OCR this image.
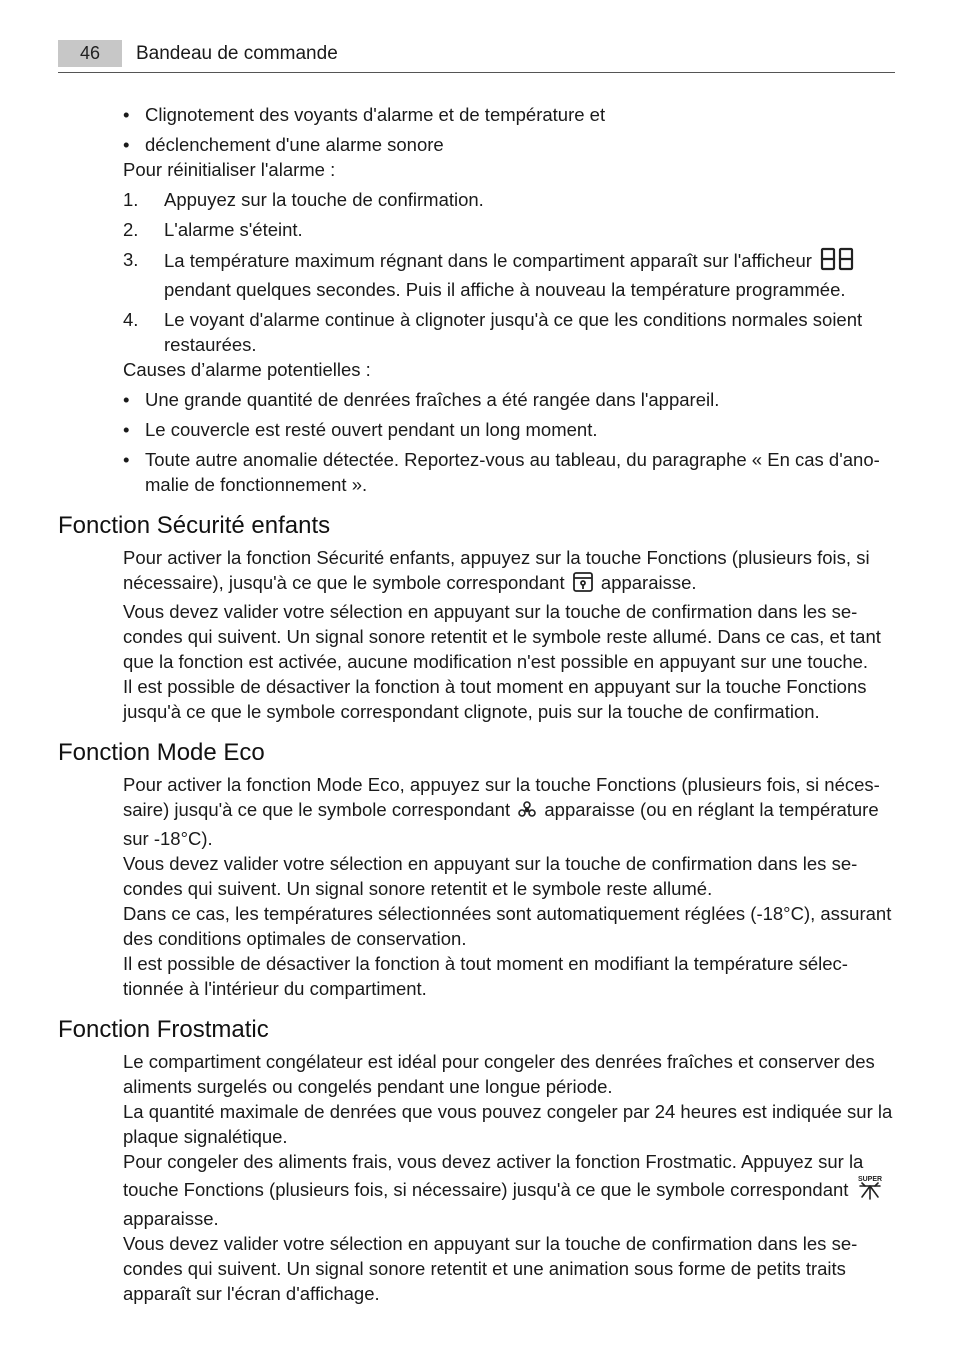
46	Bandeau de commande
• Clignotement des voyants d'alarme et de température et
• déclenchement d'une alarme sonore

Pour réinitialiser l'alarme :

1.	Appuyez sur la touche de confirmation.
2.	L'alarme s'éteint.
3.	La température maximum régnant dans le compartiment apparaît sur l'afficheur  pendant quelques secondes. Puis il affiche à nouveau la température programmée.
4.	Le voyant d'alarme continue à clignoter jusqu'à ce que les conditions normales soient restaurées.

Causes d’alarme potentielles :

• Une grande quantité de denrées fraîches a été rangée dans l'appareil.
• Le couvercle est resté ouvert pendant un long moment.
• Toute autre anomalie détectée. Reportez-vous au tableau, du paragraphe « En cas d'ano-malie de fonctionnement ».
Fonction Sécurité enfants

Pour activer la fonction Sécurité enfants, appuyez sur la touche Fonctions (plusieurs fois, si nécessaire), jusqu'à ce que le symbole correspondant apparaisse.

Vous devez valider votre sélection en appuyant sur la touche de confirmation dans les se-condes qui suivent. Un signal sonore retentit et le symbole reste allumé. Dans ce cas, et tant que la fonction est activée, aucune modification n'est possible en appuyant sur une touche.

Il est possible de désactiver la fonction à tout moment en appuyant sur la touche Fonctions jusqu'à ce que le symbole correspondant clignote, puis sur la touche de confirmation.

Fonction Mode Eco

Pour activer la fonction Mode Eco, appuyez sur la touche Fonctions (plusieurs fois, si néces-saire) jusqu'à ce que le symbole correspondant apparaisse (ou en réglant la température sur -18°C).

Vous devez valider votre sélection en appuyant sur la touche de confirmation dans les se-condes qui suivent. Un signal sonore retentit et le symbole reste allumé.

Dans ce cas, les températures sélectionnées sont automatiquement réglées (-18°C), assurant des conditions optimales de conservation.

Il est possible de désactiver la fonction à tout moment en modifiant la température sélec-tionnée à l'intérieur du compartiment.

Fonction Frostmatic

Le compartiment congélateur est idéal pour congeler des denrées fraîches et conserver des aliments surgelés ou congelés pendant une longue période.

La quantité maximale de denrées que vous pouvez congeler par 24 heures est indiquée sur la plaque signalétique.

Pour congeler des aliments frais, vous devez activer la fonction Frostmatic. Appuyez sur la touche Fonctions (plusieurs fois, si nécessaire) jusqu'à ce que le symbole correspondant SUPER
apparaisse.

Vous devez valider votre sélection en appuyant sur la touche de confirmation dans les se-condes qui suivent. Un signal sonore retentit et une animation sous forme de petits traits apparaît sur l'écran d'affichage.
